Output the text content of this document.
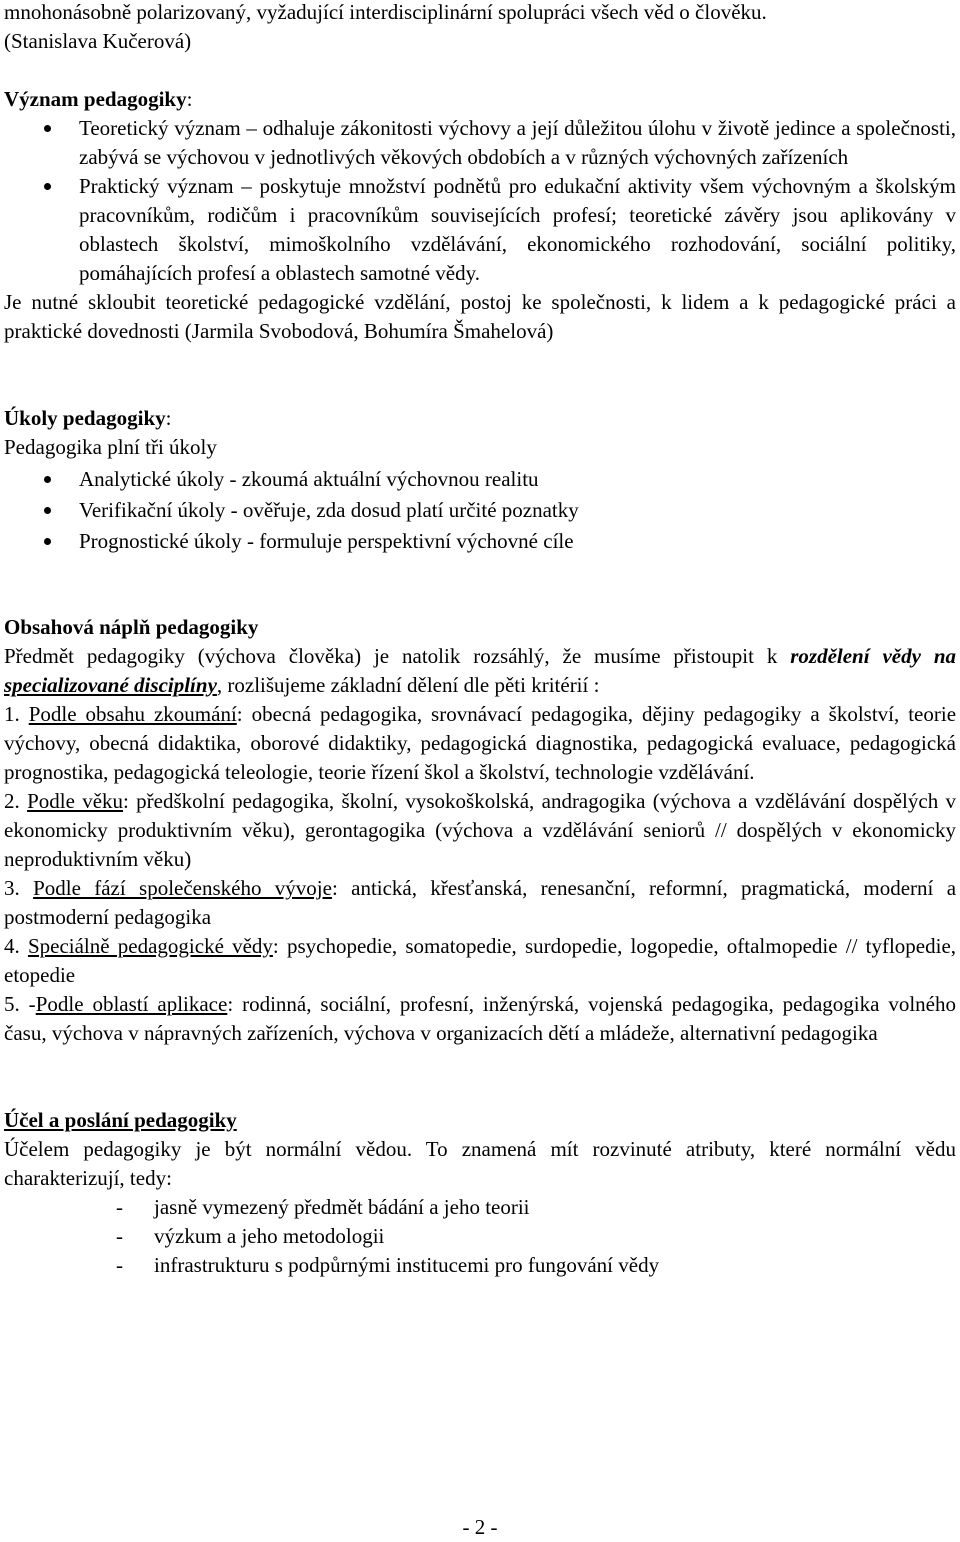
mnohonásobně polarizovaný, vyžadující interdisciplinární spolupráci všech věd o člověku.
(Stanislava Kučerová)

Význam pedagogiky:

Teoretický význam – odhaluje zákonitosti výchovy a její důležitou úlohu v životě jedince a společnosti, zabývá se výchovou v jednotlivých věkových obdobích a v různých výchovných zařízeních
Praktický význam – poskytuje množství podnětů pro edukační aktivity všem výchovným a školským pracovníkům, rodičům i pracovníkům souvisejících profesí; teoretické závěry jsou aplikovány v oblastech školství, mimoškolního vzdělávání, ekonomického rozhodování, sociální politiky, pomáhajících profesí a oblastech samotné vědy.

Je nutné skloubit teoretické pedagogické vzdělání, postoj ke společnosti, k lidem a k pedagogické práci a praktické dovednosti (Jarmila Svobodová, Bohumíra Šmahelová)

Úkoly pedagogiky:

Pedagogika plní tři úkoly

Analytické úkoly - zkoumá aktuální výchovnou realitu
Verifikační úkoly - ověřuje, zda dosud platí určité poznatky
Prognostické úkoly - formuluje perspektivní výchovné cíle

Obsahová náplň pedagogiky

Předmět pedagogiky (výchova člověka) je natolik rozsáhlý, že musíme přistoupit k rozdělení vědy na specializované disciplíny, rozlišujeme základní dělení dle pěti kritérií :

1. Podle obsahu zkoumání: obecná pedagogika, srovnávací pedagogika, dějiny pedagogiky a školství, teorie výchovy, obecná didaktika, oborové didaktiky, pedagogická diagnostika, pedagogická evaluace, pedagogická prognostika, pedagogická teleologie, teorie řízení škol a školství, technologie vzdělávání.

2. Podle věku: předškolní pedagogika, školní, vysokoškolská, andragogika (výchova a vzdělávání dospělých v ekonomicky produktivním věku), gerontagogika (výchova a vzdělávání seniorů // dospělých v ekonomicky neproduktivním věku)

3. Podle fází společenského vývoje: antická, křesťanská, renesanční, reformní, pragmatická, moderní a postmoderní pedagogika

4. Speciálně pedagogické vědy: psychopedie, somatopedie, surdopedie, logopedie, oftalmopedie // tyflopedie, etopedie

5. -Podle oblastí aplikace: rodinná, sociální, profesní, inženýrská, vojenská pedagogika, pedagogika volného času, výchova v nápravných zařízeních, výchova v organizacích dětí a mládeže, alternativní pedagogika

Účel a poslání pedagogiky

Účelem pedagogiky je být normální vědou. To znamená mít rozvinuté atributy, které normální vědu charakterizují, tedy:

- jasně vymezený předmět bádání a jeho teorii
- výzkum a jeho metodologii
- infrastrukturu s podpůrnými institucemi pro fungování vědy
- 2 -
